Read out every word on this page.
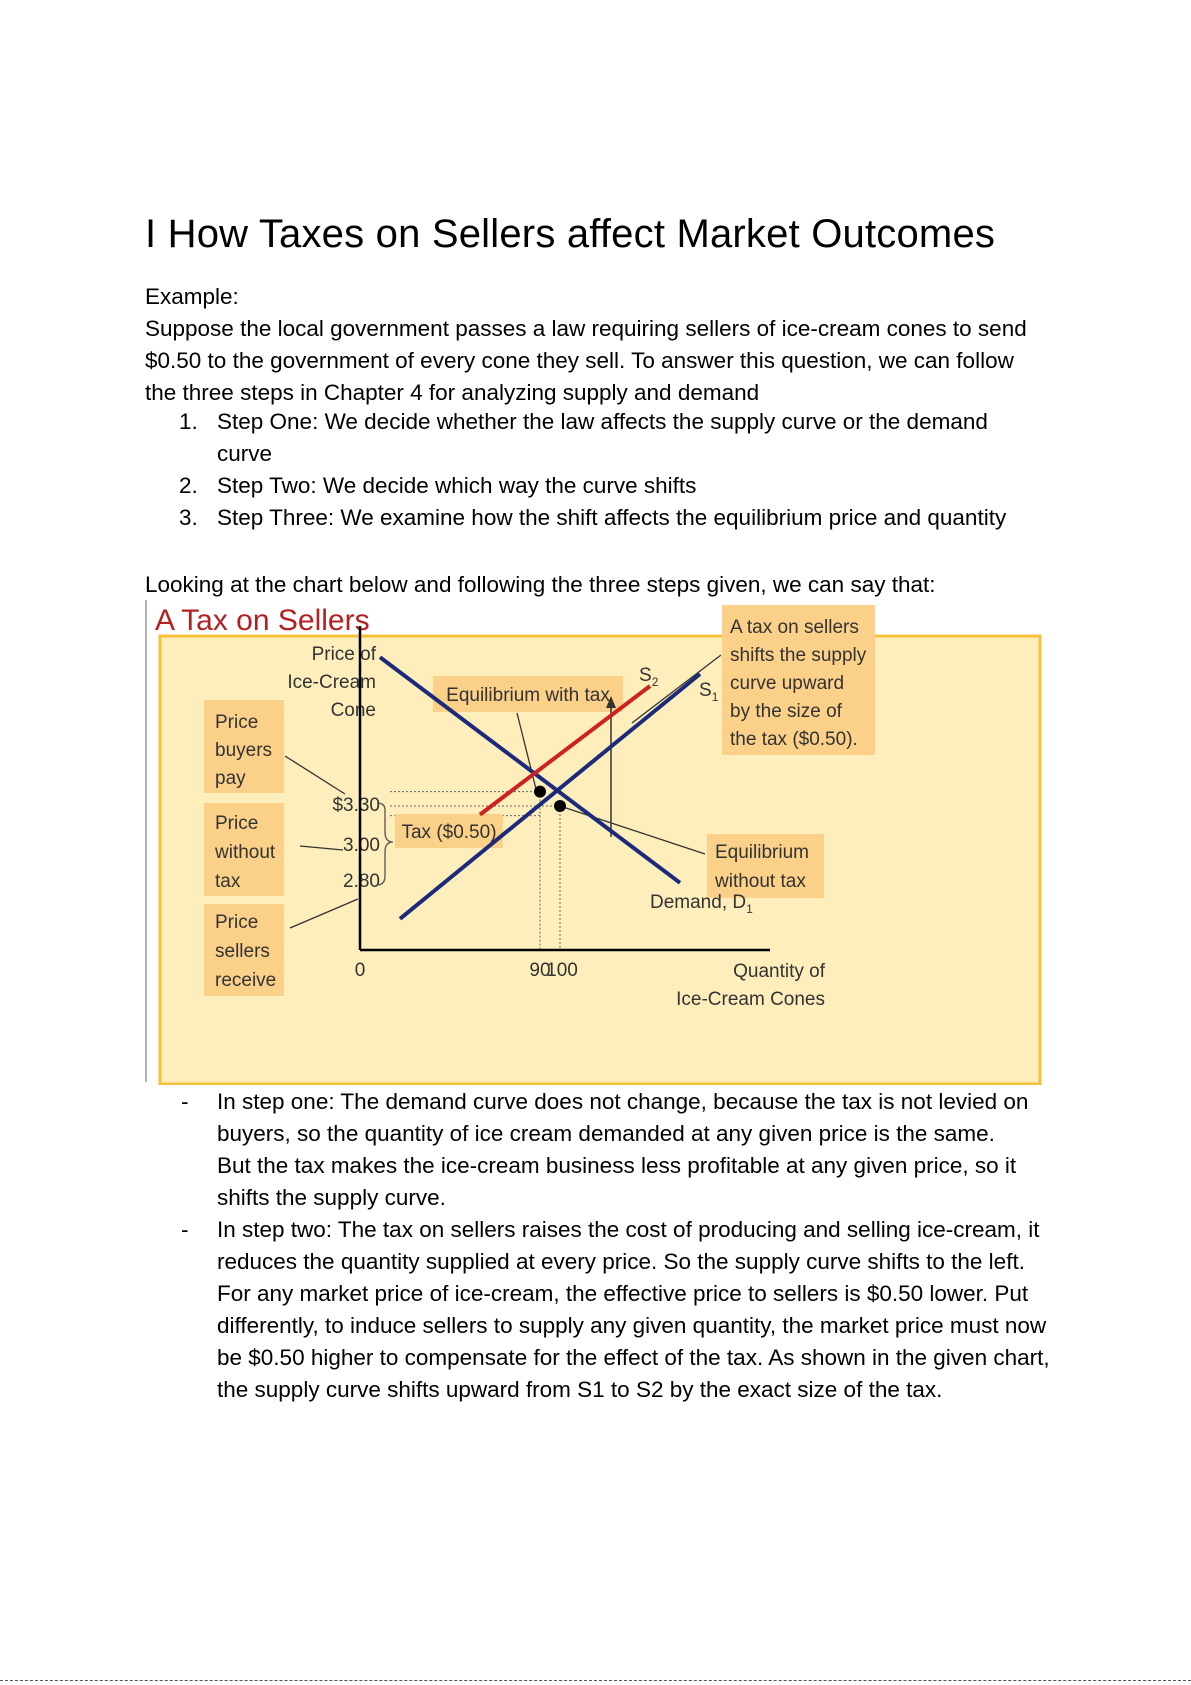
I How Taxes on Sellers affect Market Outcomes

Example:

Suppose the local government passes a law requiring sellers of ice-cream cones to send $0.50 to the government of every cone they sell. To answer this question, we can follow the three steps in Chapter 4 for analyzing supply and demand

1. Step One: We decide whether the law affects the supply curve or the demand curve
2. Step Two: We decide which way the curve shifts
3. Step Three: We examine how the shift affects the equilibrium price and quantity

Looking at the chart below and following the three steps given, we can say that:

A Tax on Sellers
Price of
Ice-Cream
Cone
Price
buyers
pay
Price
without
tax
Price
sellers
receive
$3.30
3.00
2.80
Tax ($0.50)
Equilibrium with tax
Equilibrium
without tax
A tax on sellers
shifts the supply
curve upward
by the size of
the tax ($0.50).
$S_2$ $S_1$
Demand, $D_1$
0	90
100	Quantity of
Ice-Cream Cones
- In step one: The demand curve does not change, because the tax is not levied on buyers, so the quantity of ice cream demanded at any given price is the same.

But the tax makes the ice-cream business less profitable at any given price, so it shifts the supply curve.

- In step two: The tax on sellers raises the cost of producing and selling ice-cream, it reduces the quantity supplied at every price. So the supply curve shifts to the left.

For any market price of ice-cream, the effective price to sellers is $0.50 lower. Put differently, to induce sellers to supply any given quantity, the market price must now be $0.50 higher to compensate for the effect of the tax. As shown in the given chart, the supply curve shifts upward from S1 to S2 by the exact size of the tax.
